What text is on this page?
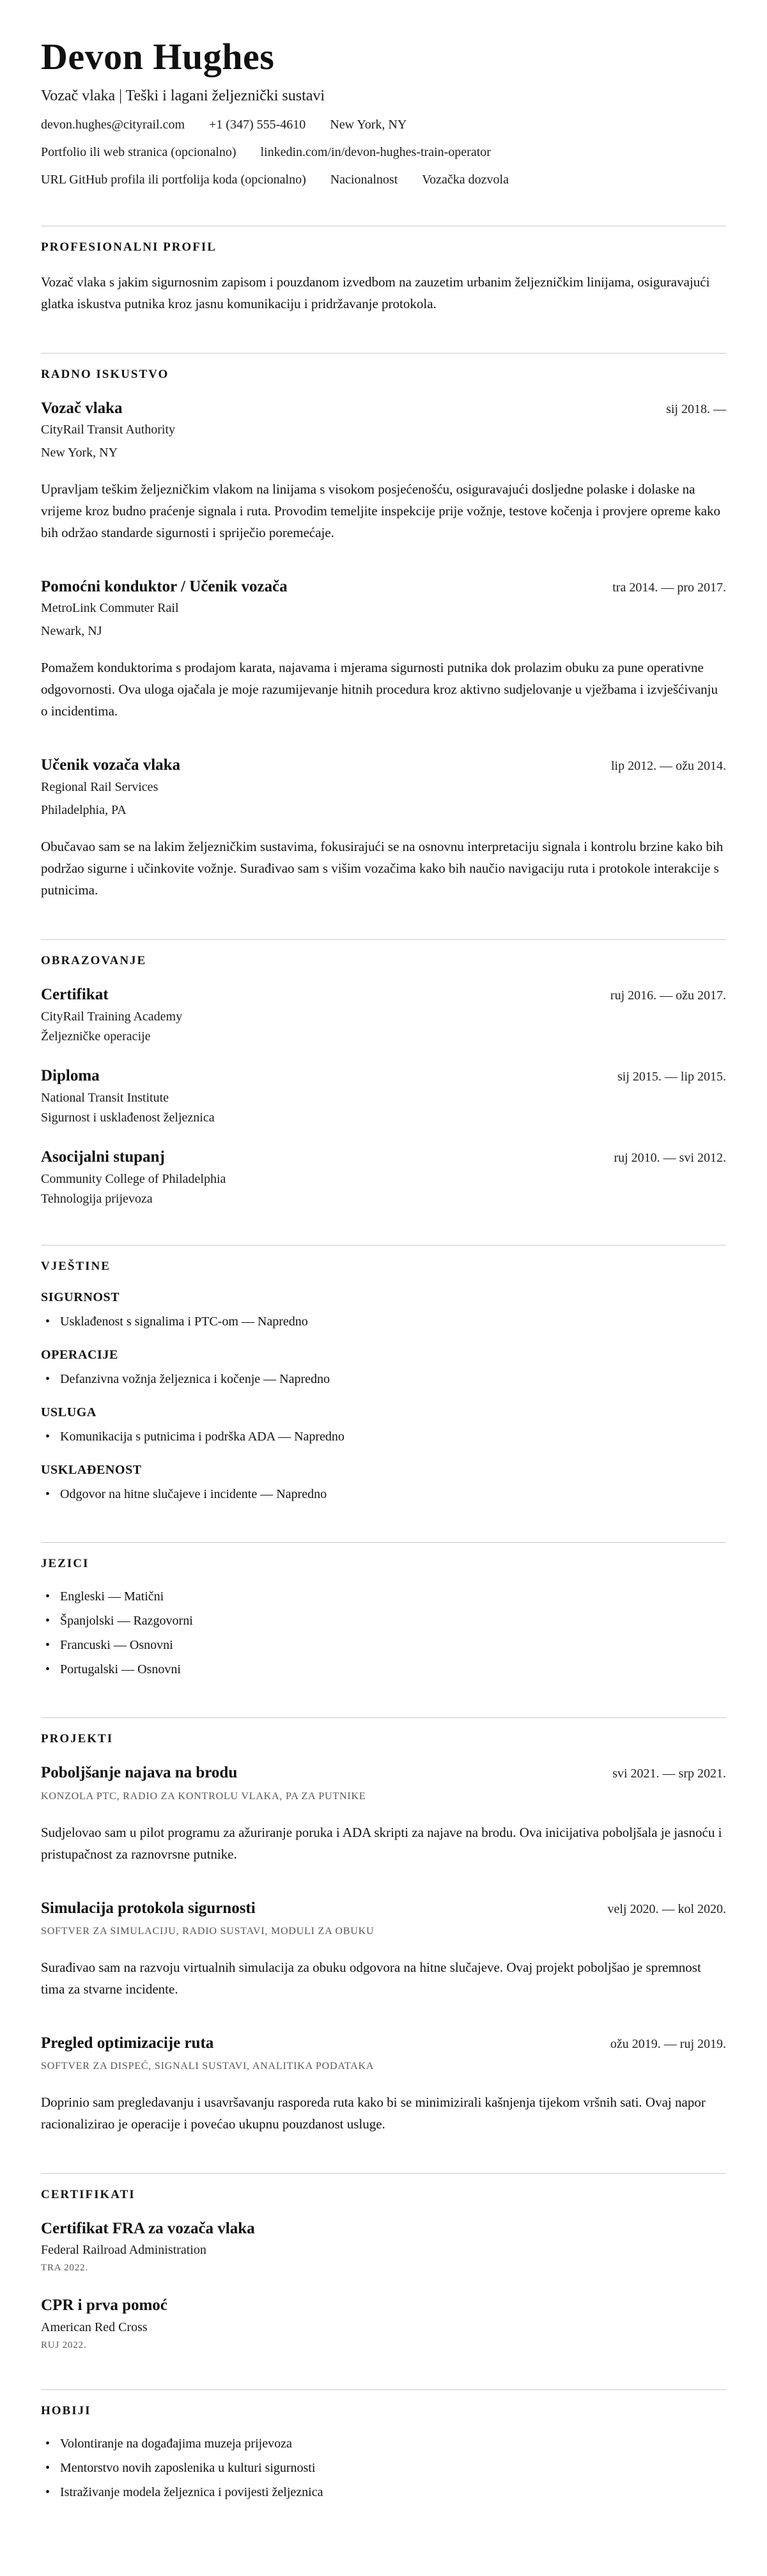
Devon Hughes
Vozač vlaka | Teški i lagani željeznički sustavi
devon.hughes@cityrail.com +1 (347) 555-4610 New York, NY
Portfolio ili web stranica (opcionalno) linkedin.com/in/devon-hughes-train-operator
URL GitHub profila ili portfolija koda (opcionalno) Nacionalnost Vozačka dozvola
PROFESIONALNI PROFIL

Vozač vlaka s jakim sigurnosnim zapisom i pouzdanom izvedbom na zauzetim urbanim željezničkim linijama, osiguravajući glatka iskustva putnika kroz jasnu komunikaciju i pridržavanje protokola.

RADNO ISKUSTVO
Vozač vlaka	sij 2018. —
CityRail Transit Authority
New York, NY

Upravljam teškim željezničkim vlakom na linijama s visokom posjećenošću, osiguravajući dosljedne polaske i dolaske na vrijeme kroz budno praćenje signala i ruta. Provodim temeljite inspekcije prije vožnje, testove kočenja i provjere opreme kako bih održao standarde sigurnosti i spriječio poremećaje.

Pomoćni konduktor / Učenik vozača	tra 2014. — pro 2017.
MetroLink Commuter Rail
Newark, NJ

Pomažem konduktorima s prodajom karata, najavama i mjerama sigurnosti putnika dok prolazim obuku za pune operativne odgovornosti. Ova uloga ojačala je moje razumijevanje hitnih procedura kroz aktivno sudjelovanje u vježbama i izvješćivanju o incidentima.

Učenik vozača vlaka	lip 2012. — ožu 2014.
Regional Rail Services
Philadelphia, PA

Obučavao sam se na lakim željezničkim sustavima, fokusirajući se na osnovnu interpretaciju signala i kontrolu brzine kako bih podržao sigurne i učinkovite vožnje. Surađivao sam s višim vozačima kako bih naučio navigaciju ruta i protokole interakcije s putnicima.

OBRAZOVANJE
Certifikat	ruj 2016. — ožu 2017.
CityRail Training Academy
Željezničke operacije
Diploma	sij 2015. — lip 2015.
National Transit Institute
Sigurnost i usklađenost željeznica
Asocijalni stupanj	ruj 2010. — svi 2012.
Community College of Philadelphia
Tehnologija prijevoza
VJEŠTINE
SIGURNOST
• Usklađenost s signalima i PTC-om — Napredno
OPERACIJE
• Defanzivna vožnja željeznica i kočenje — Napredno
USLUGA
• Komunikacija s putnicima i podrška ADA — Napredno
USKLAĐENOST
• Odgovor na hitne slučajeve i incidente — Napredno
JEZICI
• Engleski — Matični
• Španjolski — Razgovorni
• Francuski — Osnovni
• Portugalski — Osnovni
PROJEKTI
Poboljšanje najava na brodu	svi 2021. — srp 2021.
KONZOLA PTC, RADIO ZA KONTROLU VLAKA, PA ZA PUTNIKE

Sudjelovao sam u pilot programu za ažuriranje poruka i ADA skripti za najave na brodu. Ova inicijativa poboljšala je jasnoću i pristupačnost za raznovrsne putnike.

Simulacija protokola sigurnosti	velj 2020. — kol 2020.
SOFTVER ZA SIMULACIJU, RADIO SUSTAVI, MODULI ZA OBUKU

Surađivao sam na razvoju virtualnih simulacija za obuku odgovora na hitne slučajeve. Ovaj projekt poboljšao je spremnost tima za stvarne incidente.

Pregled optimizacije ruta	ožu 2019. — ruj 2019.
SOFTVER ZA DISPEĆ, SIGNALI SUSTAVI, ANALITIKA PODATAKA

Doprinio sam pregledavanju i usavršavanju rasporeda ruta kako bi se minimizirali kašnjenja tijekom vršnih sati. Ovaj napor racionalizirao je operacije i povećao ukupnu pouzdanost usluge.

CERTIFIKATI
Certifikat FRA za vozača vlaka
Federal Railroad Administration
TRA 2022.
CPR i prva pomoć
American Red Cross
RUJ 2022.
HOBIJI
• Volontiranje na događajima muzeja prijevoza
• Mentorstvo novih zaposlenika u kulturi sigurnosti
• Istraživanje modela željeznica i povijesti željeznica
